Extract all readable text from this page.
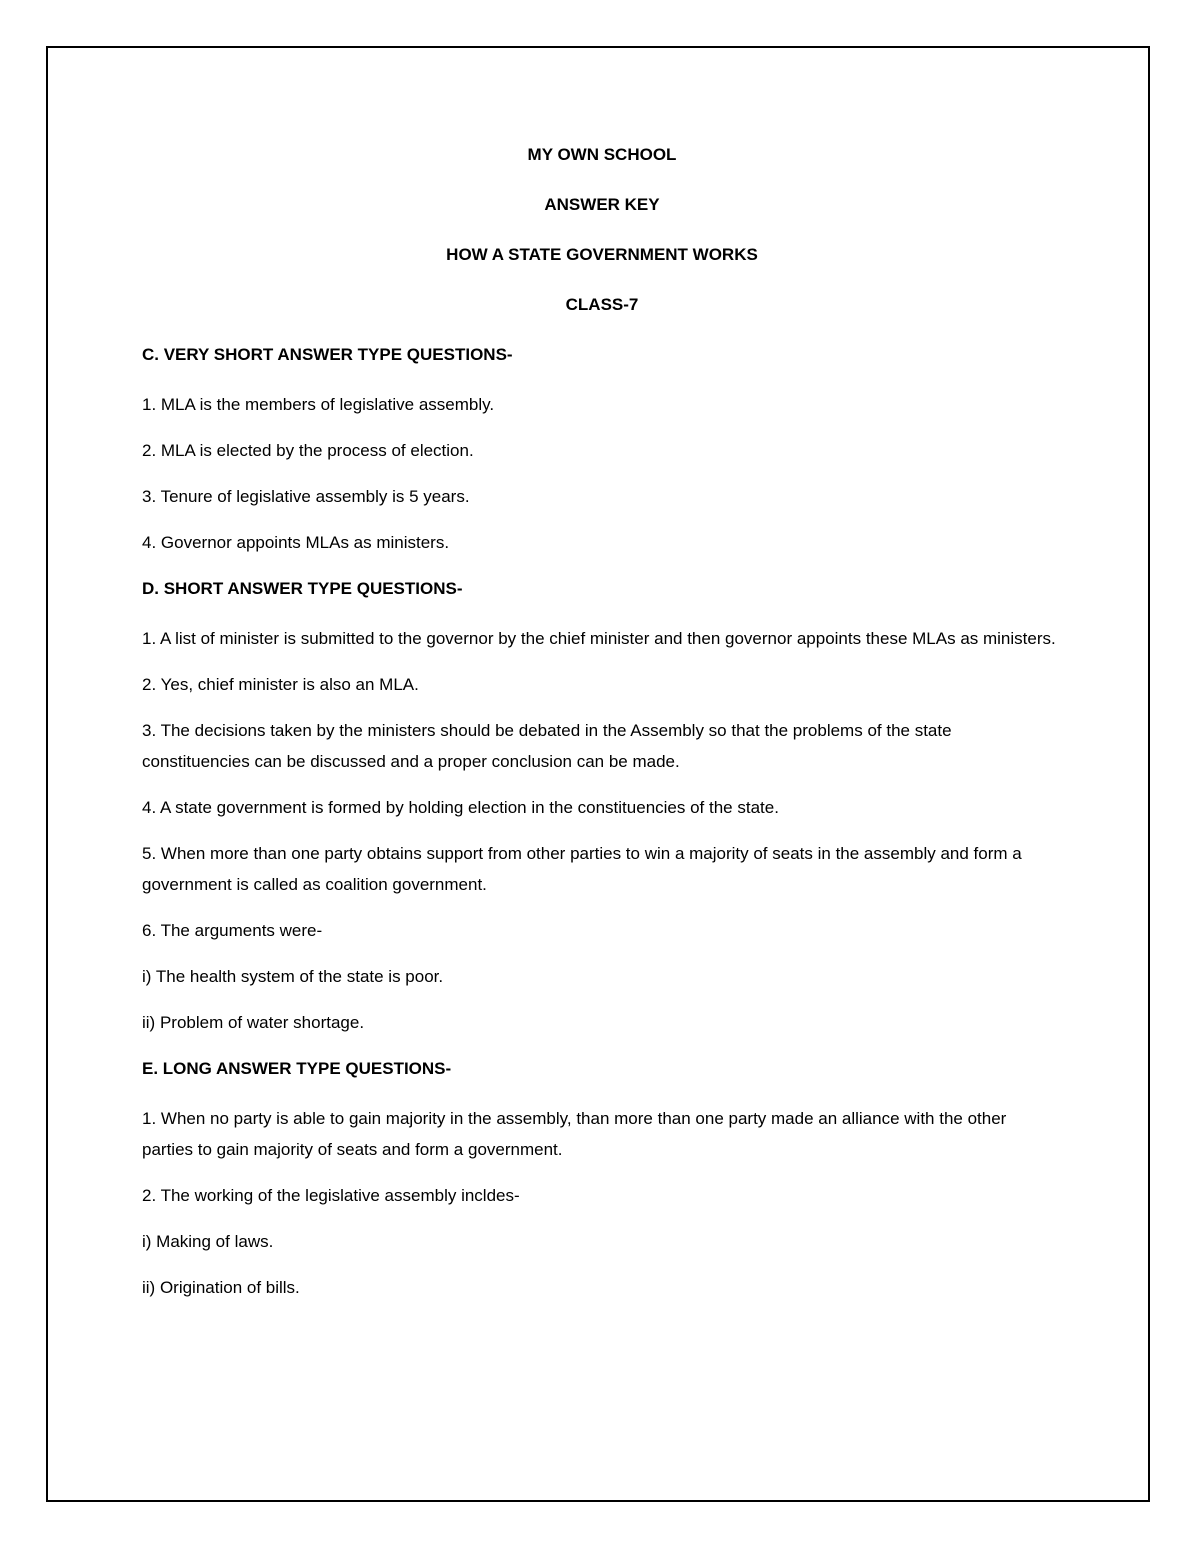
MY OWN SCHOOL
ANSWER KEY
HOW A STATE GOVERNMENT WORKS
CLASS-7
C. VERY SHORT ANSWER TYPE QUESTIONS-
1. MLA is the members of legislative assembly.
2. MLA is elected by the process of election.
3. Tenure of legislative assembly is 5 years.
4. Governor appoints MLAs as ministers.
D. SHORT ANSWER TYPE QUESTIONS-
1. A list of minister is submitted to the governor by the chief minister and then governor appoints these MLAs as ministers.
2. Yes, chief minister is also an MLA.
3. The decisions taken by the ministers should be debated in the Assembly so that the problems of the state constituencies can be discussed and a proper conclusion can be made.
4. A state government is formed by holding election in the constituencies of the state.
5. When more than one party obtains support from other parties to win a majority of seats in the assembly and form a government is called as coalition government.
6. The arguments were-
i) The health system of the state is poor.
ii) Problem of water shortage.
E. LONG ANSWER TYPE QUESTIONS-
1. When no party is able to gain majority in the assembly, than more than one party made an alliance with the other parties to gain majority of seats and form a government.
2. The working of the legislative assembly incldes-
i) Making of laws.
ii) Origination of bills.
